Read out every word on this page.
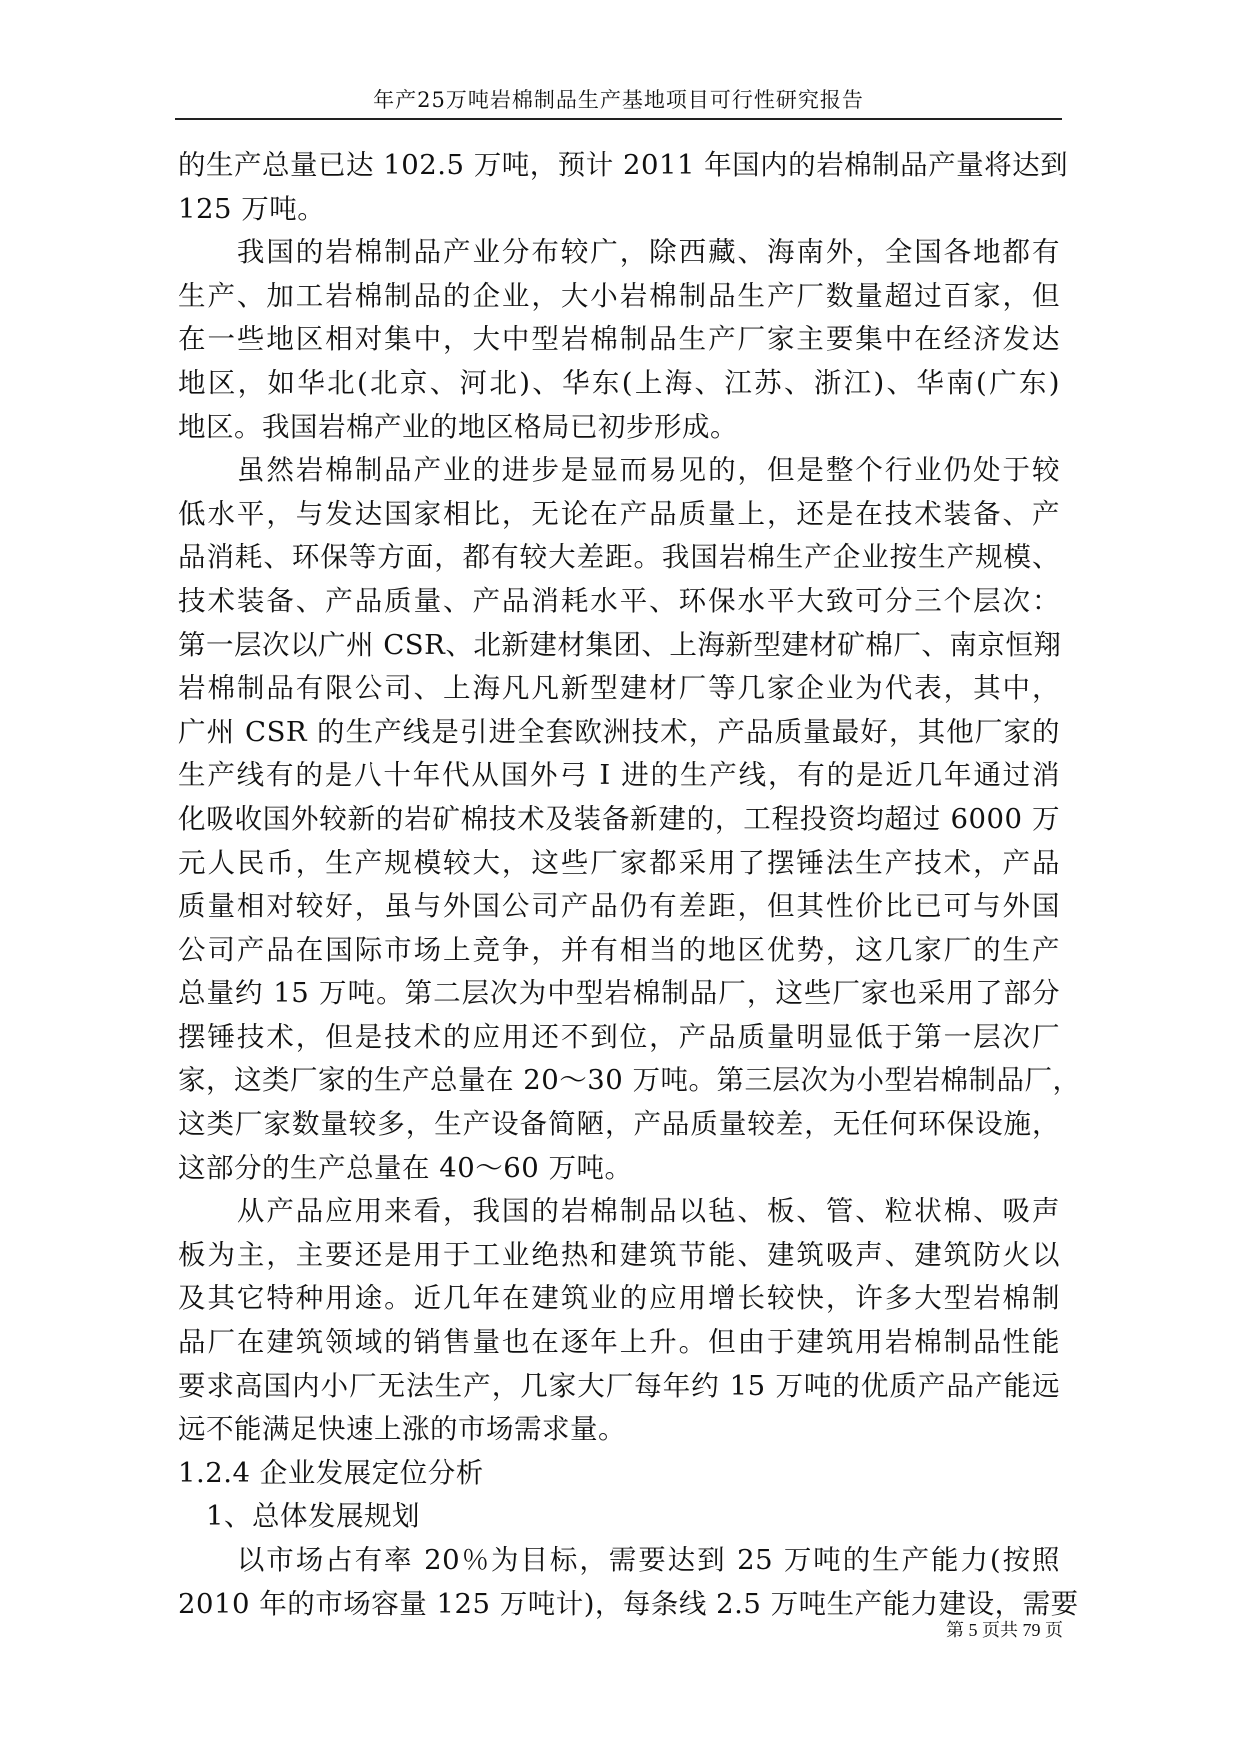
年产25万吨岩棉制品生产基地项目可行性研究报告
的生产总量已达 102.5 万吨，预计 2011 年国内的岩棉制品产量将达到
125 万吨。
　　我国的岩棉制品产业分布较广，除西藏、海南外，全国各地都有
生产、加工岩棉制品的企业，大小岩棉制品生产厂数量超过百家，但
在一些地区相对集中，大中型岩棉制品生产厂家主要集中在经济发达
地区，如华北(北京、河北)、华东(上海、江苏、浙江)、华南(广东)
地区。我国岩棉产业的地区格局已初步形成。
　　虽然岩棉制品产业的进步是显而易见的，但是整个行业仍处于较
低水平，与发达国家相比，无论在产品质量上，还是在技术装备、产
品消耗、环保等方面，都有较大差距。我国岩棉生产企业按生产规模、
技术装备、产品质量、产品消耗水平、环保水平大致可分三个层次：
第一层次以广州 CSR、北新建材集团、上海新型建材矿棉厂、南京恒翔
岩棉制品有限公司、上海凡凡新型建材厂等几家企业为代表，其中，
广州 CSR 的生产线是引进全套欧洲技术，产品质量最好，其他厂家的
生产线有的是八十年代从国外弓 I 进的生产线，有的是近几年通过消
化吸收国外较新的岩矿棉技术及装备新建的，工程投资均超过 6000 万
元人民币，生产规模较大，这些厂家都采用了摆锤法生产技术，产品
质量相对较好，虽与外国公司产品仍有差距，但其性价比已可与外国
公司产品在国际市场上竞争，并有相当的地区优势，这几家厂的生产
总量约 15 万吨。第二层次为中型岩棉制品厂，这些厂家也采用了部分
摆锤技术，但是技术的应用还不到位，产品质量明显低于第一层次厂
家，这类厂家的生产总量在 20～30 万吨。第三层次为小型岩棉制品厂，
这类厂家数量较多，生产设备简陋，产品质量较差，无任何环保设施，
这部分的生产总量在 40～60 万吨。
　　从产品应用来看，我国的岩棉制品以毡、板、管、粒状棉、吸声
板为主，主要还是用于工业绝热和建筑节能、建筑吸声、建筑防火以
及其它特种用途。近几年在建筑业的应用增长较快，许多大型岩棉制
品厂在建筑领域的销售量也在逐年上升。但由于建筑用岩棉制品性能
要求高国内小厂无法生产，几家大厂每年约 15 万吨的优质产品产能远
远不能满足快速上涨的市场需求量。
1.2.4 企业发展定位分析
　1、总体发展规划
　　以市场占有率 20％为目标，需要达到 25 万吨的生产能力(按照
2010 年的市场容量 125 万吨计)，每条线 2.5 万吨生产能力建设，需要
第 5 页共 79 页
